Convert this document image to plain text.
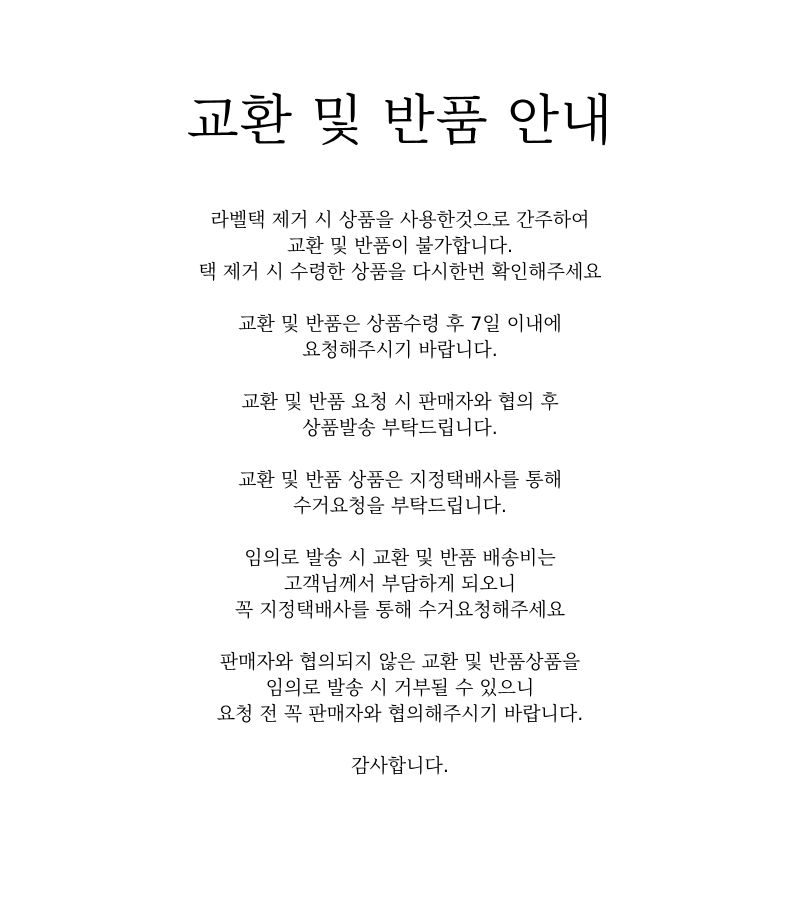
교환 및 반품 안내

라벨택 제거 시 상품을 사용한것으로 간주하여
교환 및 반품이 불가합니다.
택 제거 시 수령한 상품을 다시한번 확인해주세요

교환 및 반품은 상품수령 후 7일 이내에
요청해주시기 바랍니다.

교환 및 반품 요청 시 판매자와 협의 후
상품발송 부탁드립니다.

교환 및 반품 상품은 지정택배사를 통해
수거요청을 부탁드립니다.

임의로 발송 시 교환 및 반품 배송비는
고객님께서 부담하게 되오니
꼭 지정택배사를 통해 수거요청해주세요

판매자와 협의되지 않은 교환 및 반품상품을
임의로 발송 시 거부될 수 있으니
요청 전 꼭 판매자와 협의해주시기 바랍니다.

감사합니다.
